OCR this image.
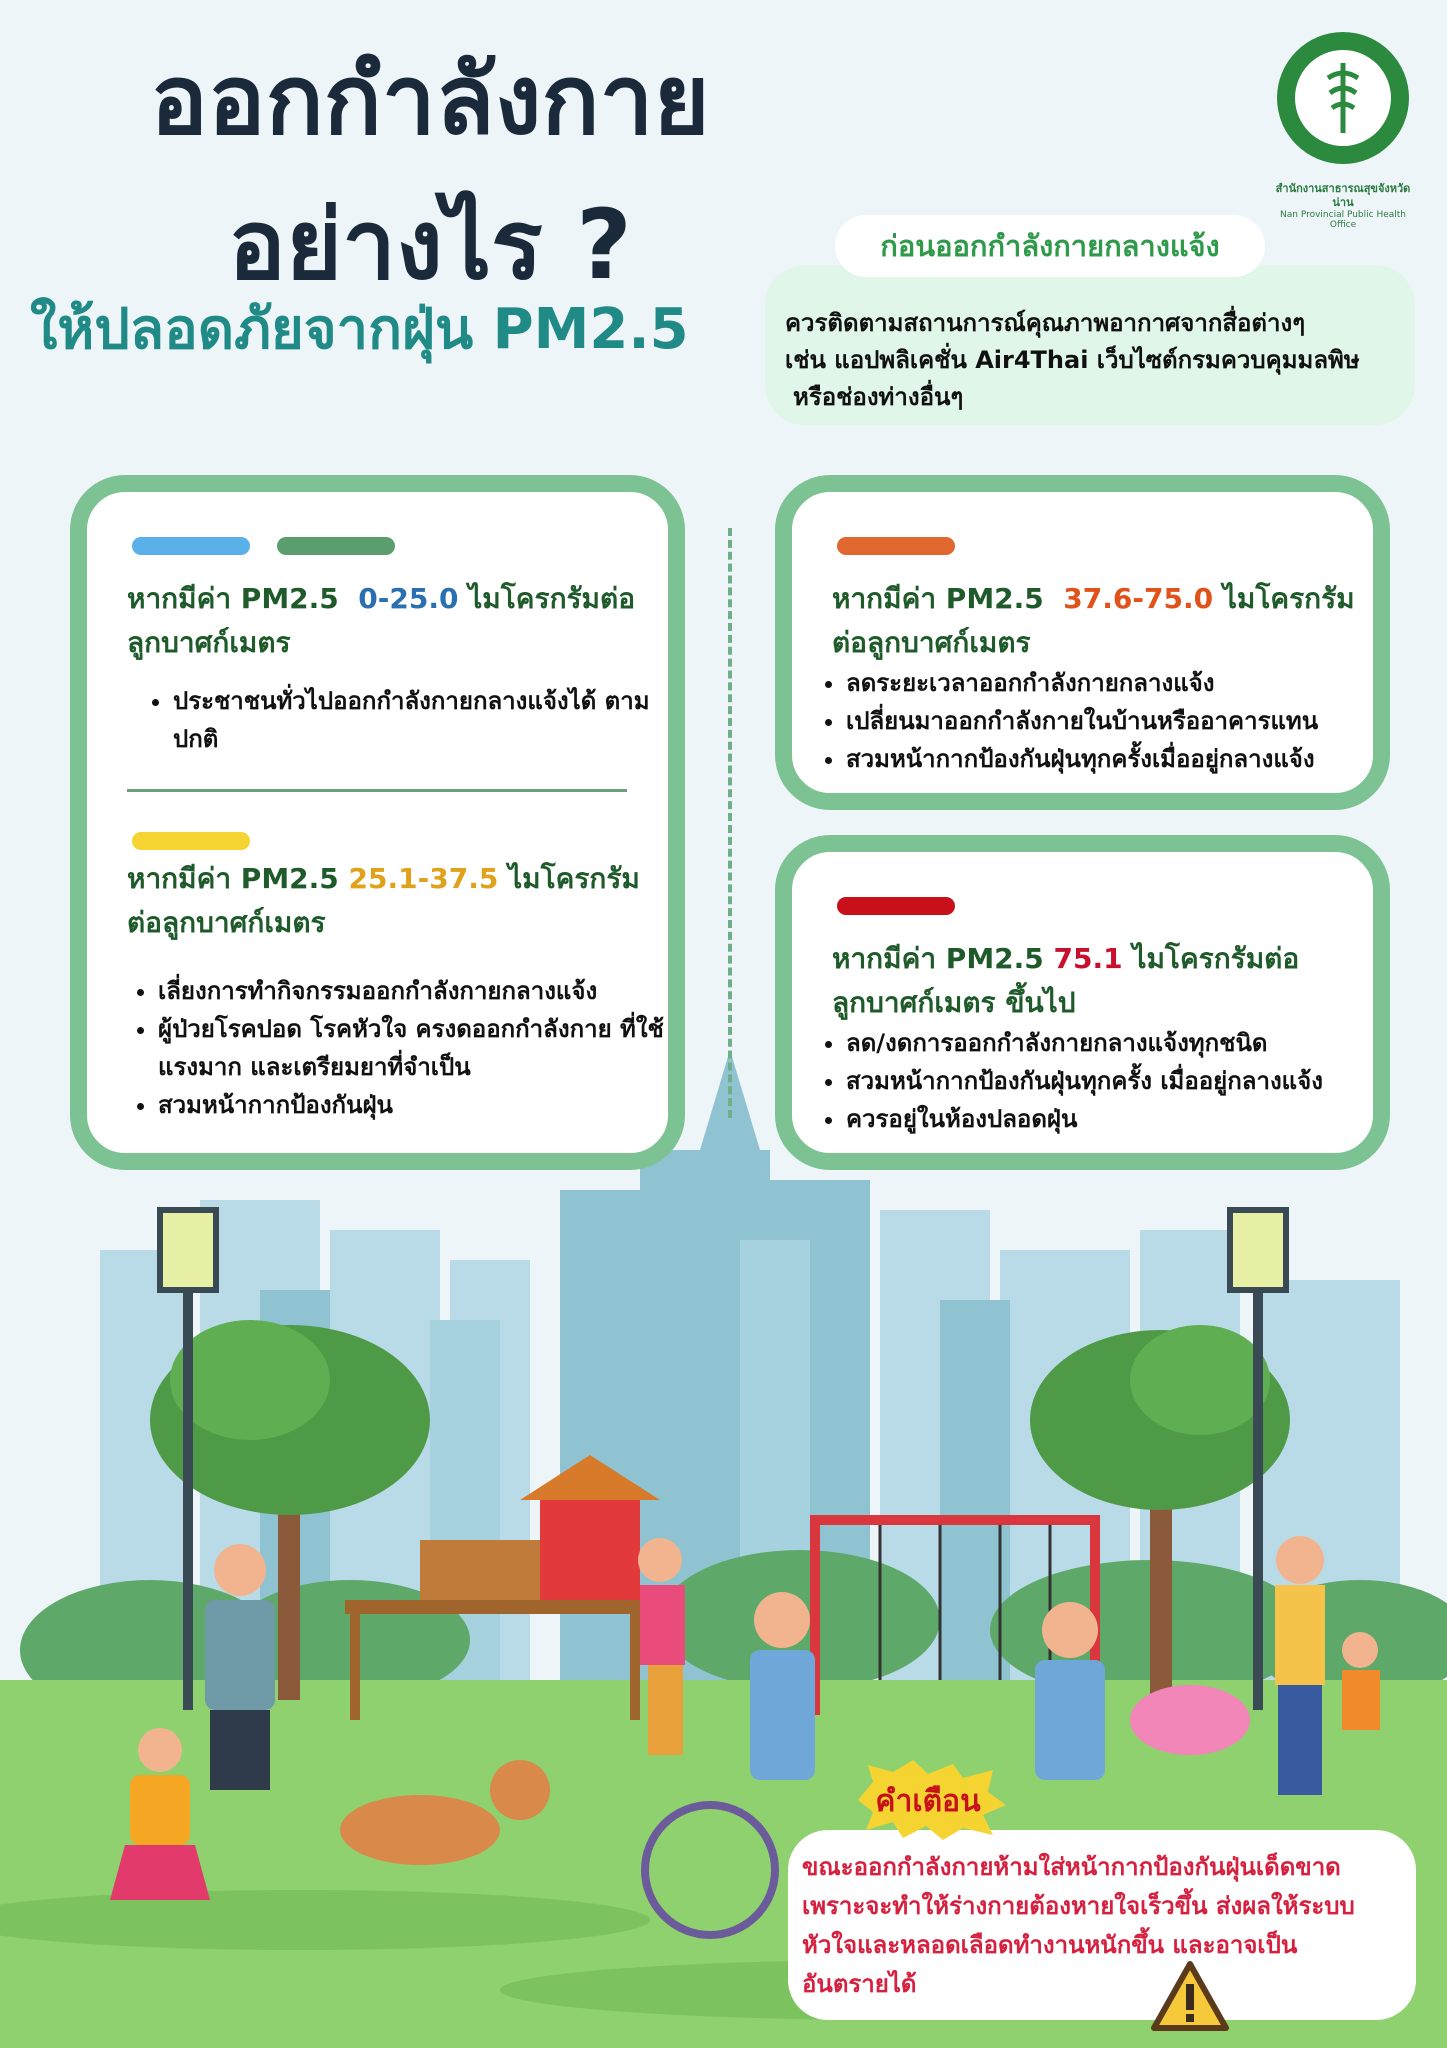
ออกกำลังกาย
อย่างไร ?
ให้ปลอดภัยจากฝุ่น PM2.5
สำนักงานสาธารณสุขจังหวัดน่าน
Nan Provincial Public Health Office
ควรติดตามสถานการณ์คุณภาพอากาศจากสื่อต่างๆ
เช่น แอปพลิเคชั่น Air4Thai เว็บไซต์กรมควบคุมมลพิษ
หรือช่องท่างอื่นๆ
ก่อนออกกำลังกายกลางแจ้ง
หากมีค่า PM2.5 0-25.0 ไมโครกรัมต่อ
ลูกบาศก์เมตร
• ประชาชนทั่วไปออกกำลังกายกลางแจ้งได้ ตามปกติ
หากมีค่า PM2.5 25.1-37.5 ไมโครกรัม
ต่อลูกบาศก์เมตร
• เลี่ยงการทำกิจกรรมออกกำลังกายกลางแจ้ง
• ผู้ป่วยโรคปอด โรคหัวใจ ครงดออกกำลังกาย ที่ใช้แรงมาก และเตรียมยาที่จำเป็น
• สวมหน้ากากป้องกันฝุ่น
หากมีค่า PM2.5 37.6-75.0 ไมโครกรัม
ต่อลูกบาศก์เมตร
• ลดระยะเวลาออกกำลังกายกลางแจ้ง
• เปลี่ยนมาออกกำลังกายในบ้านหรืออาคารแทน
• สวมหน้ากากป้องกันฝุ่นทุกครั้งเมื่ออยู่กลางแจ้ง
หากมีค่า PM2.5 75.1 ไมโครกรัมต่อ
ลูกบาศก์เมตร ขึ้นไป
• ลด/งดการออกกำลังกายกลางแจ้งทุกชนิด
• สวมหน้ากากป้องกันฝุ่นทุกครั้ง เมื่ออยู่กลางแจ้ง
• ควรอยู่ในห้องปลอดฝุ่น
ขณะออกกำลังกายห้ามใส่หน้ากากป้องกันฝุ่นเด็ดขาด
เพราะจะทำให้ร่างกายต้องหายใจเร็วขึ้น ส่งผลให้ระบบ
หัวใจและหลอดเลือดทำงานหนักขึ้น และอาจเป็น
อันตรายได้
คำเตือน
